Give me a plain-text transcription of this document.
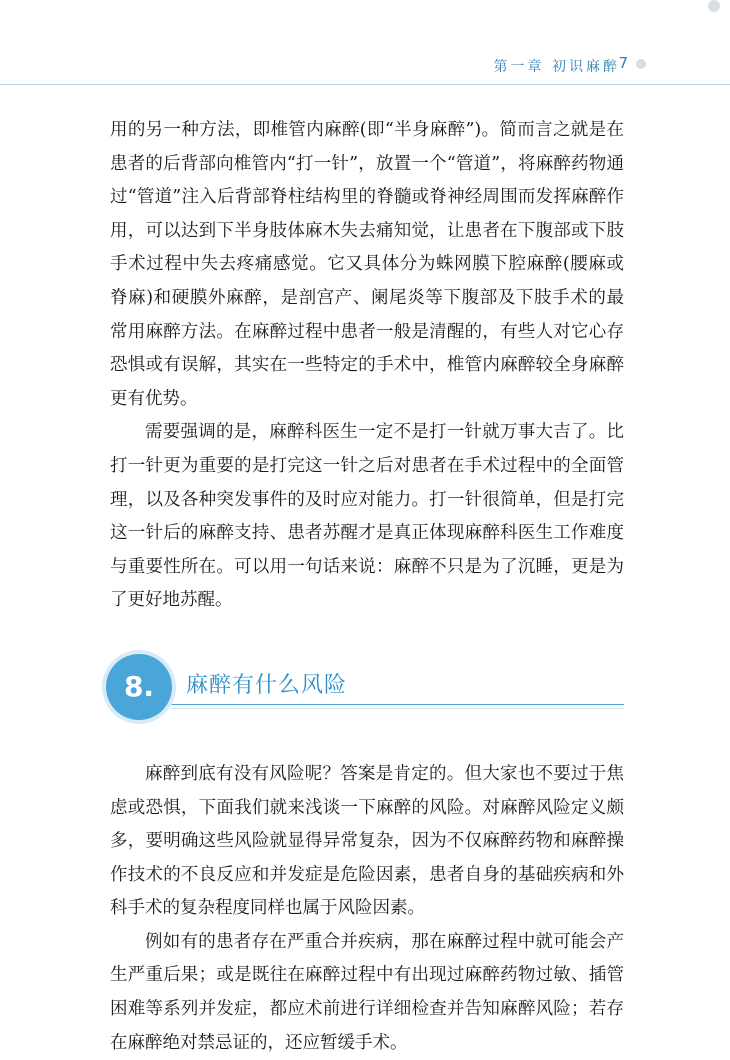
第一章 初识麻醉
7

用的另一种方法，即椎管内麻醉(即“半身麻醉”)。简而言之就是在患者的后背部向椎管内“打一针”，放置一个“管道”，将麻醉药物通过“管道”注入后背部脊柱结构里的脊髓或脊神经周围而发挥麻醉作用，可以达到下半身肢体麻木失去痛知觉，让患者在下腹部或下肢手术过程中失去疼痛感觉。它又具体分为蛛网膜下腔麻醉(腰麻或脊麻)和硬膜外麻醉，是剖宫产、阑尾炎等下腹部及下肢手术的最常用麻醉方法。在麻醉过程中患者一般是清醒的，有些人对它心存恐惧或有误解，其实在一些特定的手术中，椎管内麻醉较全身麻醉更有优势。

需要强调的是，麻醉科医生一定不是打一针就万事大吉了。比打一针更为重要的是打完这一针之后对患者在手术过程中的全面管理，以及各种突发事件的及时应对能力。打一针很简单，但是打完这一针后的麻醉支持、患者苏醒才是真正体现麻醉科医生工作难度与重要性所在。可以用一句话来说：麻醉不只是为了沉睡，更是为了更好地苏醒。

8.	麻醉有什么风险

麻醉到底有没有风险呢？答案是肯定的。但大家也不要过于焦虑或恐惧，下面我们就来浅谈一下麻醉的风险。对麻醉风险定义颇多，要明确这些风险就显得异常复杂，因为不仅麻醉药物和麻醉操作技术的不良反应和并发症是危险因素，患者自身的基础疾病和外科手术的复杂程度同样也属于风险因素。

例如有的患者存在严重合并疾病，那在麻醉过程中就可能会产生严重后果；或是既往在麻醉过程中有出现过麻醉药物过敏、插管困难等系列并发症，都应术前进行详细检查并告知麻醉风险；若存在麻醉绝对禁忌证的，还应暂缓手术。
